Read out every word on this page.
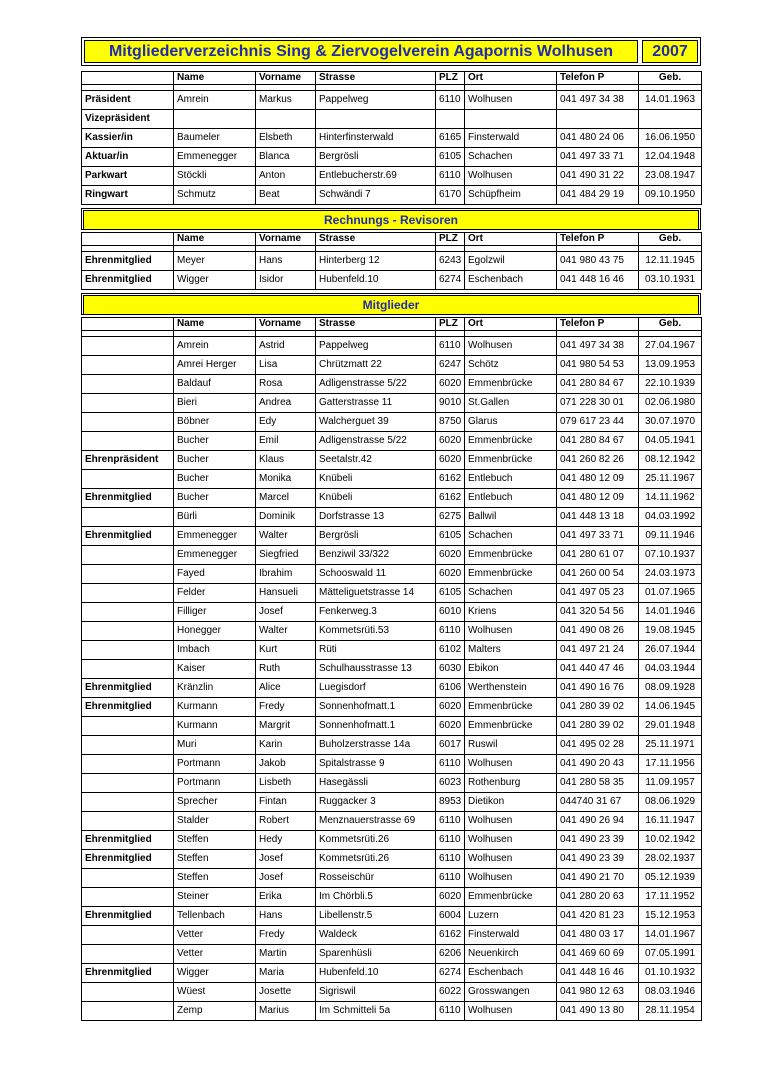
Mitgliederverzeichnis Sing & Ziervogelverein Agapornis Wolhusen	2007
	Name	Vorname	Strasse	PLZ	Ort	Telefon P	Geb.

Präsident	Amrein	Markus	Pappelweg	6110	Wolhusen	041 497 34 38	14.01.1963
Vizepräsident							
Kassier/in	Baumeler	Elsbeth	Hinterfinsterwald	6165	Finsterwald	041 480 24 06	16.06.1950
Aktuar/in	Emmenegger	Blanca	Bergrösli	6105	Schachen	041 497 33 71	12.04.1948
Parkwart	Stöckli	Anton	Entlebucherstr.69	6110	Wolhusen	041 490 31 22	23.08.1947
Ringwart	Schmutz	Beat	Schwändi 7	6170	Schüpfheim	041 484 29 19	09.10.1950
Rechnungs - Revisoren
	Name	Vorname	Strasse	PLZ	Ort	Telefon P	Geb.

Ehrenmitglied	Meyer	Hans	Hinterberg 12	6243	Egolzwil	041 980 43 75	12.11.1945
Ehrenmitglied	Wigger	Isidor	Hubenfeld.10	6274	Eschenbach	041 448 16 46	03.10.1931
Mitglieder
	Name	Vorname	Strasse	PLZ	Ort	Telefon P	Geb.

	Amrein	Astrid	Pappelweg	6110	Wolhusen	041 497 34 38	27.04.1967
	Amrei Herger	Lisa	Chrützmatt 22	6247	Schötz	041 980 54 53	13.09.1953
	Baldauf	Rosa	Adligenstrasse 5/22	6020	Emmenbrücke	041 280 84 67	22.10.1939
	Bieri	Andrea	Gatterstrasse 11	9010	St.Gallen	071 228 30 01	02.06.1980
	Böbner	Edy	Walcherguet 39	8750	Glarus	079 617 23 44	30.07.1970
	Bucher	Emil	Adligenstrasse 5/22	6020	Emmenbrücke	041 280 84 67	04.05.1941
Ehrenpräsident	Bucher	Klaus	Seetalstr.42	6020	Emmenbrücke	041 260 82 26	08.12.1942
	Bucher	Monika	Knübeli	6162	Entlebuch	041 480 12 09	25.11.1967
Ehrenmitglied	Bucher	Marcel	Knübeli	6162	Entlebuch	041 480 12 09	14.11.1962
	Bürli	Dominik	Dorfstrasse 13	6275	Ballwil	041 448 13 18	04.03.1992
Ehrenmitglied	Emmenegger	Walter	Bergrösli	6105	Schachen	041 497 33 71	09.11.1946
	Emmenegger	Siegfried	Benziwil 33/322	6020	Emmenbrücke	041 280 61 07	07.10.1937
	Fayed	Ibrahim	Schooswald 11	6020	Emmenbrücke	041 260 00 54	24.03.1973
	Felder	Hansueli	Mätteliguetstrasse 14	6105	Schachen	041 497 05 23	01.07.1965
	Filliger	Josef	Fenkerweg.3	6010	Kriens	041 320 54 56	14.01.1946
	Honegger	Walter	Kommetsrüti.53	6110	Wolhusen	041 490 08 26	19.08.1945
	Imbach	Kurt	Rüti	6102	Malters	041 497 21 24	26.07.1944
	Kaiser	Ruth	Schulhausstrasse 13	6030	Ebikon	041 440 47 46	04.03.1944
Ehrenmitglied	Kränzlin	Alice	Luegisdorf	6106	Werthenstein	041 490 16 76	08.09.1928
Ehrenmitglied	Kurmann	Fredy	Sonnenhofmatt.1	6020	Emmenbrücke	041 280 39 02	14.06.1945
	Kurmann	Margrit	Sonnenhofmatt.1	6020	Emmenbrücke	041 280 39 02	29.01.1948
	Muri	Karin	Buholzerstrasse 14a	6017	Ruswil	041 495 02 28	25.11.1971
	Portmann	Jakob	Spitalstrasse 9	6110	Wolhusen	041 490 20 43	17.11.1956
	Portmann	Lisbeth	Hasegässli	6023	Rothenburg	041 280 58 35	11.09.1957
	Sprecher	Fintan	Ruggacker 3	8953	Dietikon	044740 31 67	08.06.1929
	Stalder	Robert	Menznauerstrasse 69	6110	Wolhusen	041 490 26 94	16.11.1947
Ehrenmitglied	Steffen	Hedy	Kommetsrüti.26	6110	Wolhusen	041 490 23 39	10.02.1942
Ehrenmitglied	Steffen	Josef	Kommetsrüti.26	6110	Wolhusen	041 490 23 39	28.02.1937
	Steffen	Josef	Rosseischür	6110	Wolhusen	041 490 21 70	05.12.1939
	Steiner	Erika	Im Chörbli.5	6020	Emmenbrücke	041 280 20 63	17.11.1952
Ehrenmitglied	Tellenbach	Hans	Libellenstr.5	6004	Luzern	041 420 81 23	15.12.1953
	Vetter	Fredy	Waldeck	6162	Finsterwald	041 480 03 17	14.01.1967
	Vetter	Martin	Sparenhüsli	6206	Neuenkirch	041 469 60 69	07.05.1991
Ehrenmitglied	Wigger	Maria	Hubenfeld.10	6274	Eschenbach	041 448 16 46	01.10.1932
	Wüest	Josette	Sigriswil	6022	Grosswangen	041 980 12 63	08.03.1946
	Zemp	Marius	Im Schmitteli 5a	6110	Wolhusen	041 490 13 80	28.11.1954
